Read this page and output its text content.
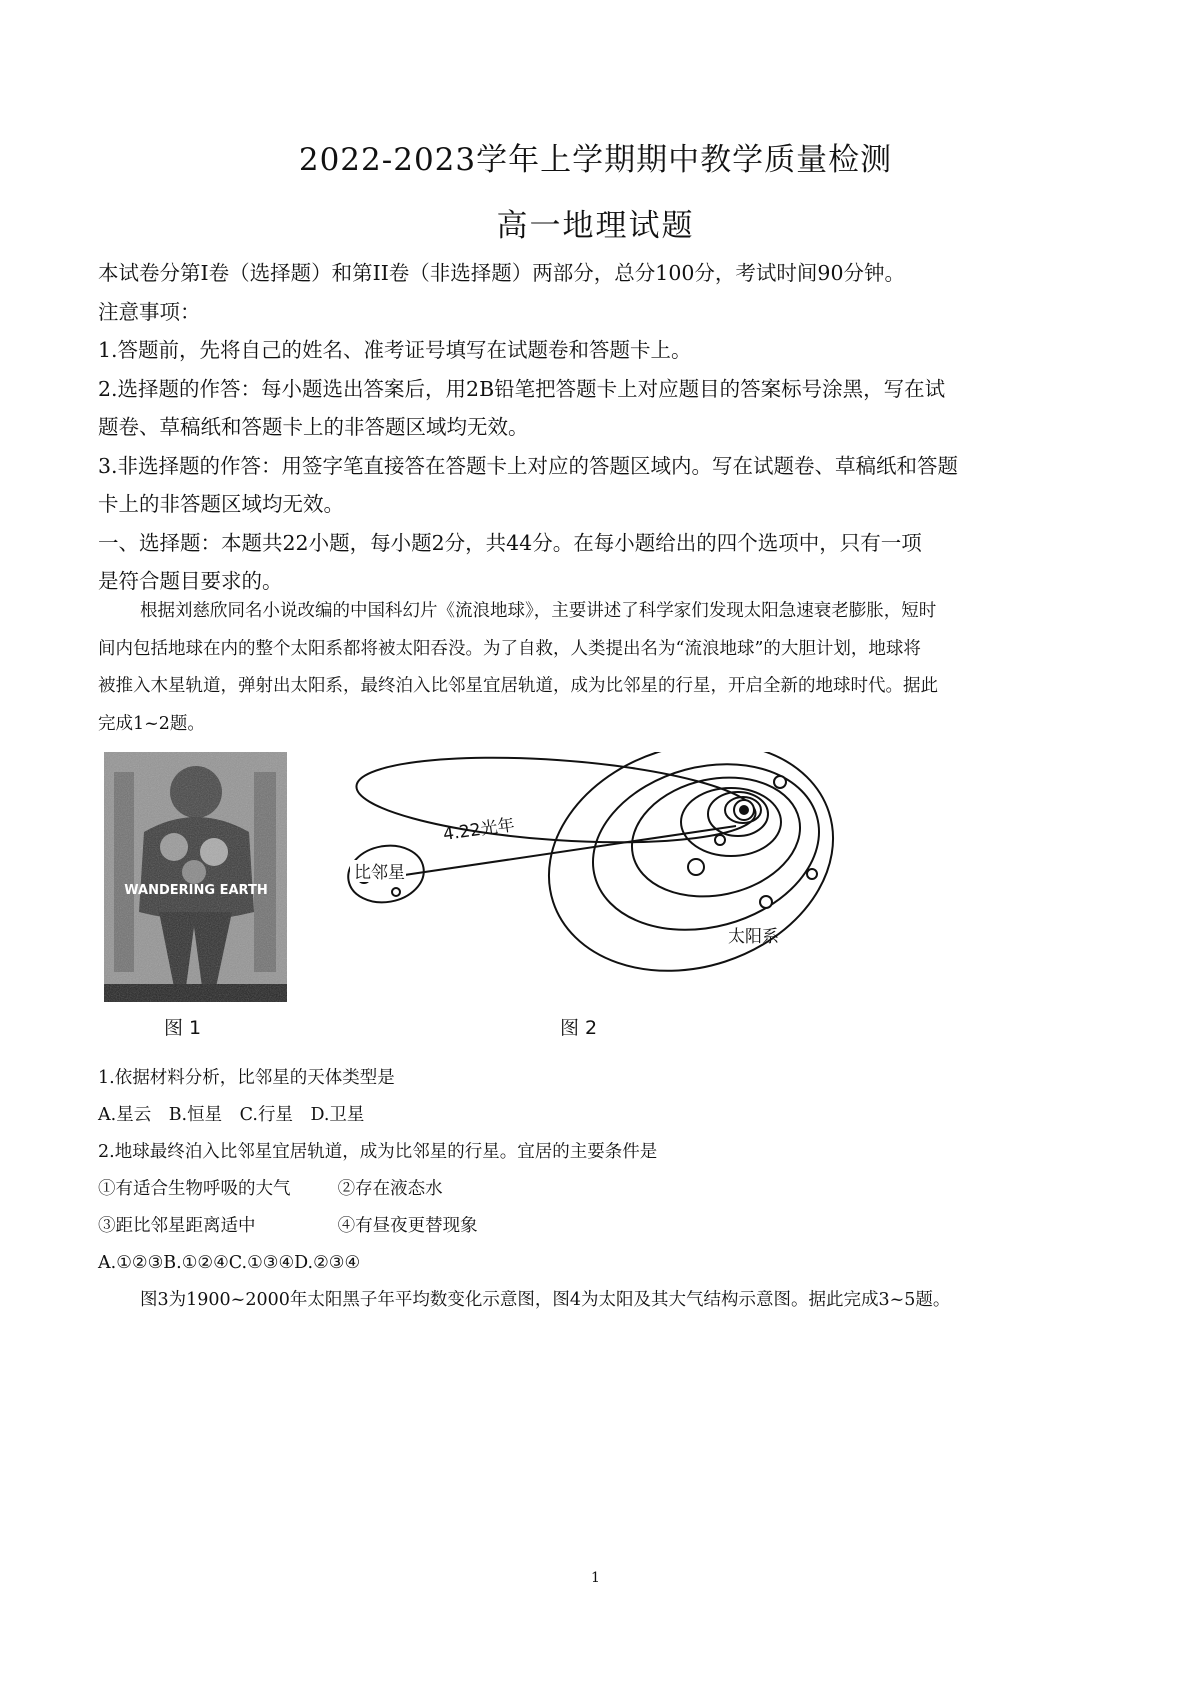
2022-2023学年上学期期中教学质量检测
高一地理试题
本试卷分第I卷（选择题）和第II卷（非选择题）两部分，总分100分，考试时间90分钟。
注意事项：
1.答题前，先将自己的姓名、准考证号填写在试题卷和答题卡上。
2.选择题的作答：每小题选出答案后，用2B铅笔把答题卡上对应题目的答案标号涂黑，写在试
题卷、草稿纸和答题卡上的非答题区域均无效。
3.非选择题的作答：用签字笔直接答在答题卡上对应的答题区域内。写在试题卷、草稿纸和答题
卡上的非答题区域均无效。
一、选择题：本题共22小题，每小题2分，共44分。在每小题给出的四个选项中，只有一项
是符合题目要求的。
根据刘慈欣同名小说改编的中国科幻片《流浪地球》，主要讲述了科学家们发现太阳急速衰老膨胀，短时
间内包括地球在内的整个太阳系都将被太阳吞没。为了自救，人类提出名为“流浪地球”的大胆计划，地球将
被推入木星轨道，弹射出太阳系，最终泊入比邻星宜居轨道，成为比邻星的行星，开启全新的地球时代。据此
完成1~2题。
WANDERING EARTH
图 1
比邻星
4.22光年
太阳系
图 2
1.依据材料分析，比邻星的天体类型是
A.星云　B.恒星　C.行星　D.卫星
2.地球最终泊入比邻星宜居轨道，成为比邻星的行星。宜居的主要条件是
①有适合生物呼吸的大气	②存在液态水
③距比邻星距离适中	④有昼夜更替现象
A.①②③B.①②④C.①③④D.②③④
图3为1900~2000年太阳黑子年平均数变化示意图，图4为太阳及其大气结构示意图。据此完成3~5题。
1
